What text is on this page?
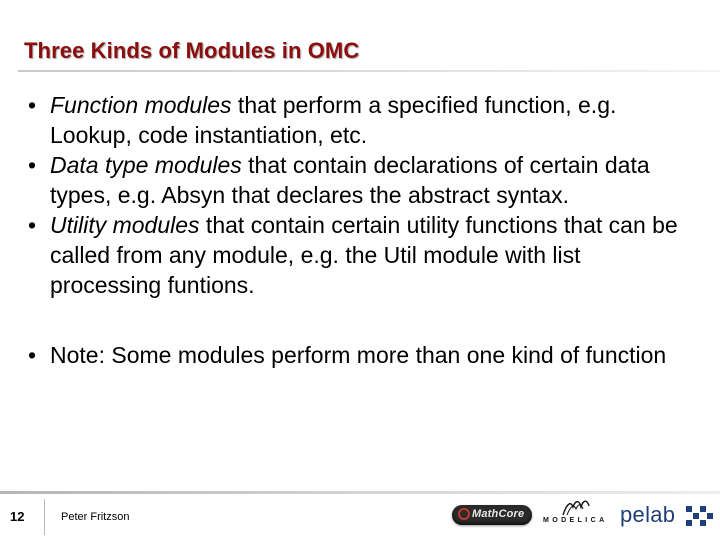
Three Kinds of Modules in OMC
• Function modules that perform a specified function, e.g. Lookup, code instantiation, etc.
• Data type modules that contain declarations of certain data types, e.g. Absyn that declares the abstract syntax.
• Utility modules that contain certain utility functions that can be called from any module, e.g. the Util module with list processing funtions.
• Note: Some modules perform more than one kind of function
12	Peter Fritzson	MathCore
MODELICA pelab
